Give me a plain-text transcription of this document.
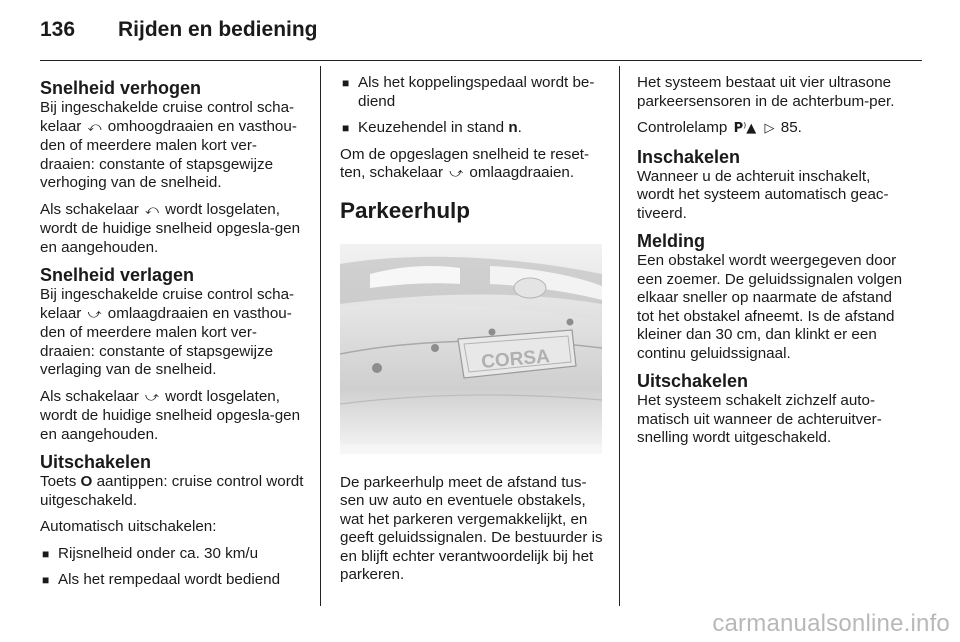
136 Rijden en bediening
Snelheid verhogen

Bij ingeschakelde cruise control scha-kelaar ⤺ omhoogdraaien en vasthou-den of meerdere malen kort ver-draaien: constante of stapsgewijze verhoging van de snelheid.

Als schakelaar ⤺ wordt losgelaten, wordt de huidige snelheid opgesla-gen en aangehouden.

Snelheid verlagen

Bij ingeschakelde cruise control scha-kelaar ⤻ omlaagdraaien en vasthou-den of meerdere malen kort ver-draaien: constante of stapsgewijze verlaging van de snelheid.

Als schakelaar ⤻ wordt losgelaten, wordt de huidige snelheid opgesla-gen en aangehouden.

Uitschakelen

Toets O aantippen: cruise control wordt uitgeschakeld.

Automatisch uitschakelen:

■ Rijsnelheid onder ca. 30 km/u
■ Als het rempedaal wordt bediend
■ Als het koppelingspedaal wordt be-diend
■ Keuzehendel in stand n.

Om de opgeslagen snelheid te reset-ten, schakelaar ⤻ omlaagdraaien.

Parkeerhulp
CORSA

De parkeerhulp meet de afstand tus-sen uw auto en eventuele obstakels, wat het parkeren vergemakkelijkt, en geeft geluidssignalen. De bestuurder is en blijft echter verantwoordelijk bij het parkeren.

Het systeem bestaat uit vier ultrasone parkeersensoren in de achterbum-per.

Controlelamp P⁾▲ ▷ 85.

Inschakelen

Wanneer u de achteruit inschakelt, wordt het systeem automatisch geac-tiveerd.

Melding

Een obstakel wordt weergegeven door een zoemer. De geluidssignalen volgen elkaar sneller op naarmate de afstand tot het obstakel afneemt. Is de afstand kleiner dan 30 cm, dan klinkt er een continu geluidssignaal.

Uitschakelen

Het systeem schakelt zichzelf auto-matisch uit wanneer de achteruitver-snelling wordt uitgeschakeld.

carmanualsonline.info
